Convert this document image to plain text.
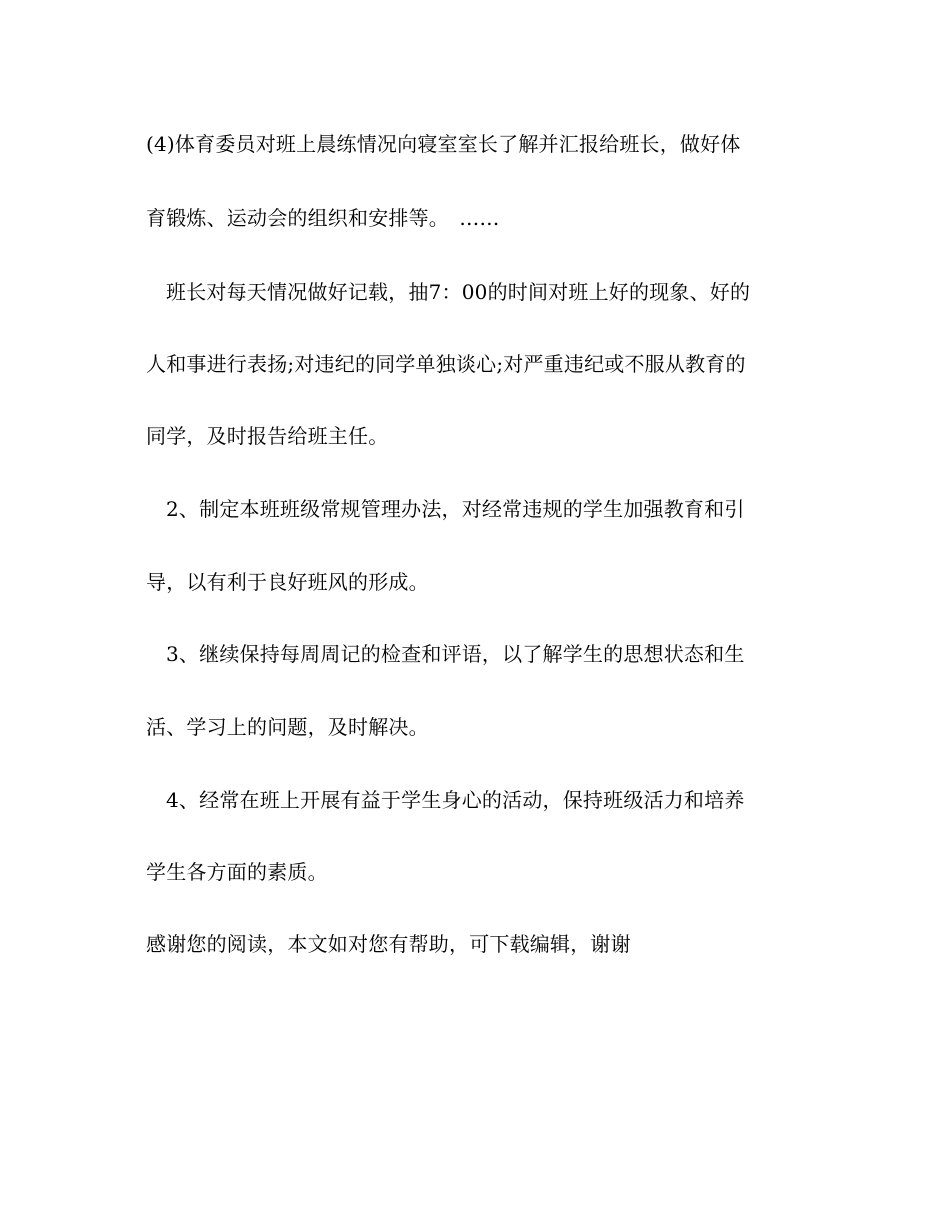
(4)体育委员对班上晨练情况向寝室室长了解并汇报给班长，做好体
育锻炼、运动会的组织和安排等。　……
班长对每天情况做好记载，抽7：00的时间对班上好的现象、好的
人和事进行表扬;对违纪的同学单独谈心;对严重违纪或不服从教育的
同学，及时报告给班主任。
2、制定本班班级常规管理办法，对经常违规的学生加强教育和引
导，以有利于良好班风的形成。
3、继续保持每周周记的检查和评语，以了解学生的思想状态和生
活、学习上的问题，及时解决。
4、经常在班上开展有益于学生身心的活动，保持班级活力和培养
学生各方面的素质。
感谢您的阅读，本文如对您有帮助，可下载编辑，谢谢
